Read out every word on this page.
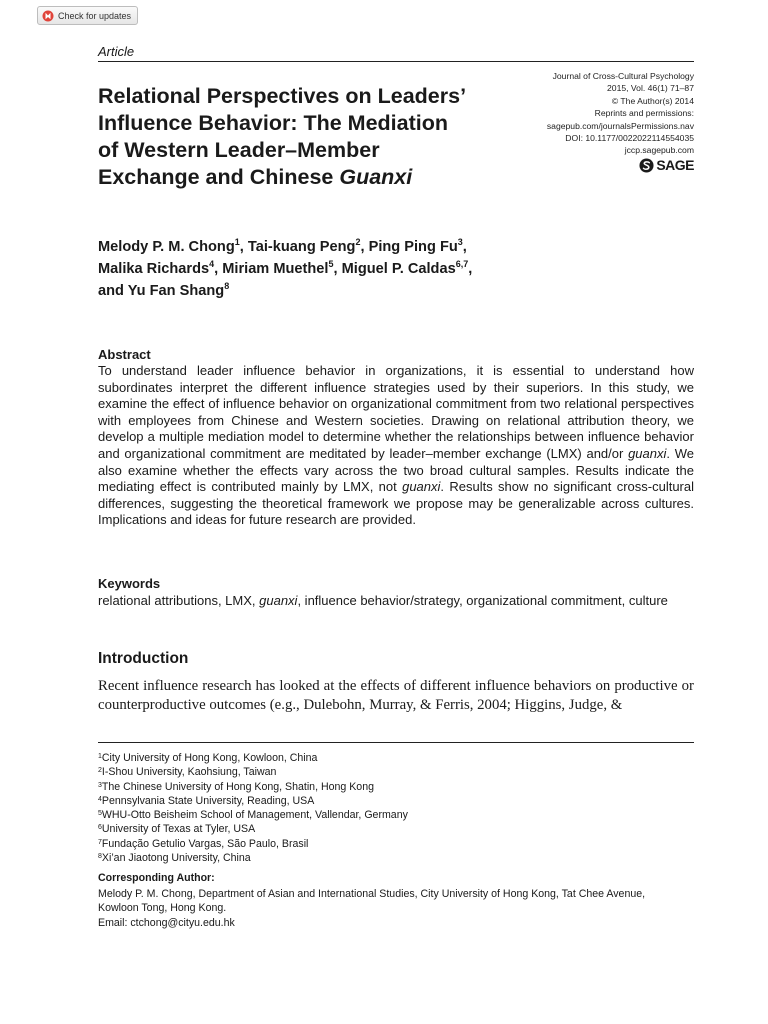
Check for updates
Article
Relational Perspectives on Leaders’
Influence Behavior: The Mediation
of Western Leader–Member
Exchange and Chinese Guanxi
Journal of Cross-Cultural Psychology
2015, Vol. 46(1) 71–87
© The Author(s) 2014
Reprints and permissions:
sagepub.com/journalsPermissions.nav
DOI: 10.1177/0022022114554035
jccp.sagepub.com
SAGE

Melody P. M. Chong$^1$, Tai-kuang Peng$^2$, Ping Ping Fu$^3$,
Malika Richards$^4$, Miriam Muethel$^5$, Miguel P. Caldas$^{6,7}$,
and Yu Fan Shang$^8$

Abstract

To understand leader influence behavior in organizations, it is essential to understand how subordinates interpret the different influence strategies used by their superiors. In this study, we examine the effect of influence behavior on organizational commitment from two relational perspectives with employees from Chinese and Western societies. Drawing on relational attribution theory, we develop a multiple mediation model to determine whether the relationships between influence behavior and organizational commitment are meditated by leader–member exchange (LMX) and/or guanxi. We also examine whether the effects vary across the two broad cultural samples. Results indicate the mediating effect is contributed mainly by LMX, not guanxi. Results show no significant cross-cultural differences, suggesting the theoretical framework we propose may be generalizable across cultures. Implications and ideas for future research are provided.

Keywords

relational attributions, LMX, guanxi, influence behavior/strategy, organizational commitment, culture

Introduction

Recent influence research has looked at the effects of different influence behaviors on productive or counterproductive outcomes (e.g., Dulebohn, Murray, & Ferris, 2004; Higgins, Judge, &

$^1$City University of Hong Kong, Kowloon, China
$^2$I-Shou University, Kaohsiung, Taiwan
$^3$The Chinese University of Hong Kong, Shatin, Hong Kong
$^4$Pennsylvania State University, Reading, USA
$^5$WHU-Otto Beisheim School of Management, Vallendar, Germany
$^6$University of Texas at Tyler, USA
$^7$Fundação Getulio Vargas, São Paulo, Brasil
$^8$Xi’an Jiaotong University, China
Corresponding Author:

Melody P. M. Chong, Department of Asian and International Studies, City University of Hong Kong, Tat Chee Avenue,
Kowloon Tong, Hong Kong.
Email: ctchong@cityu.edu.hk
